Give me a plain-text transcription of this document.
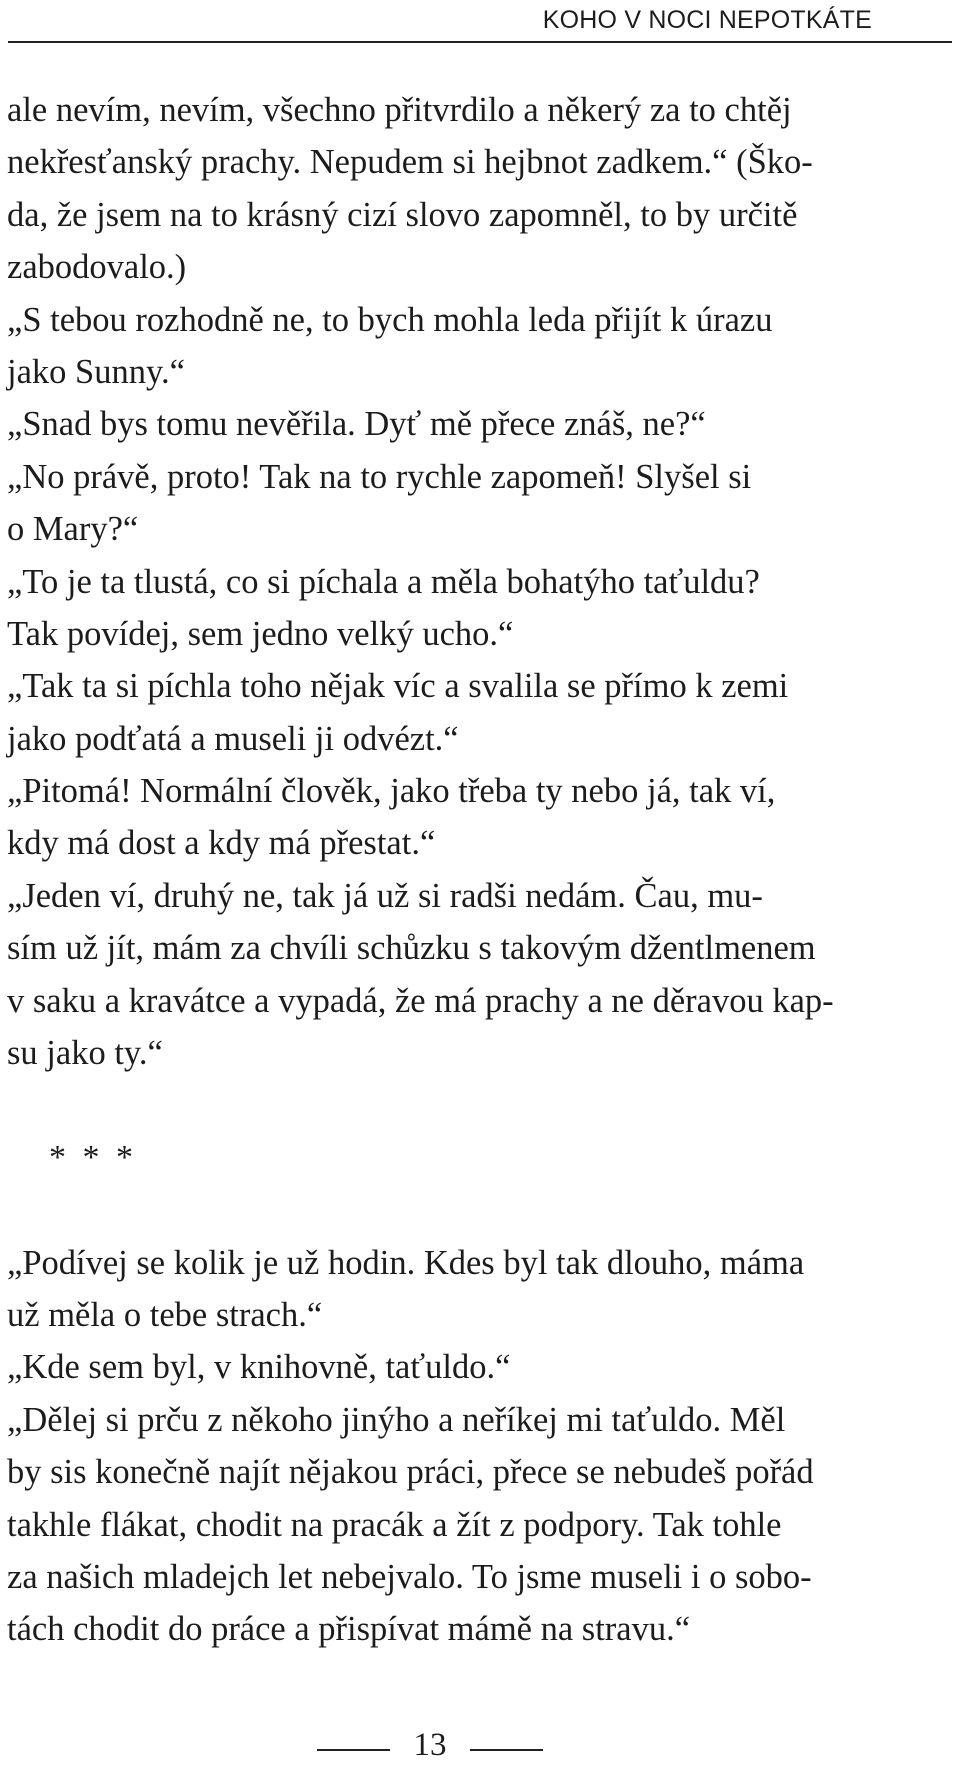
KOHO V NOCI NEPOTKÁTE
ale nevím, nevím, všechno přitvrdilo a někerý za to chtěj
nekřesťanský prachy. Nepudem si hejbnot zadkem.“ (Ško-
da, že jsem na to krásný cizí slovo zapomněl, to by určitě
zabodovalo.)
„S tebou rozhodně ne, to bych mohla leda přijít k úrazu
jako Sunny.“
„Snad bys tomu nevěřila. Dyť mě přece znáš, ne?“
„No právě, proto! Tak na to rychle zapomeň! Slyšel si
o Mary?“
„To je ta tlustá, co si píchala a měla bohatýho taťuldu?
Tak povídej, sem jedno velký ucho.“
„Tak ta si píchla toho nějak víc a svalila se přímo k zemi
jako podťatá a museli ji odvézt.“
„Pitomá! Normální člověk, jako třeba ty nebo já, tak ví,
kdy má dost a kdy má přestat.“
„Jeden ví, druhý ne, tak já už si radši nedám. Čau, mu-
sím už jít, mám za chvíli schůzku s takovým džentlmenem
v saku a kravátce a vypadá, že má prachy a ne děravou kap-
su jako ty.“
* * *
„Podívej se kolik je už hodin. Kdes byl tak dlouho, máma
už měla o tebe strach.“
„Kde sem byl, v knihovně, taťuldo.“
„Dělej si prču z někoho jinýho a neříkej mi taťuldo. Měl
by sis konečně najít nějakou práci, přece se nebudeš pořád
takhle flákat, chodit na pracák a žít z podpory. Tak tohle
za našich mladejch let nebejvalo. To jsme museli i o sobo-
tách chodit do práce a přispívat mámě na stravu.“
13
